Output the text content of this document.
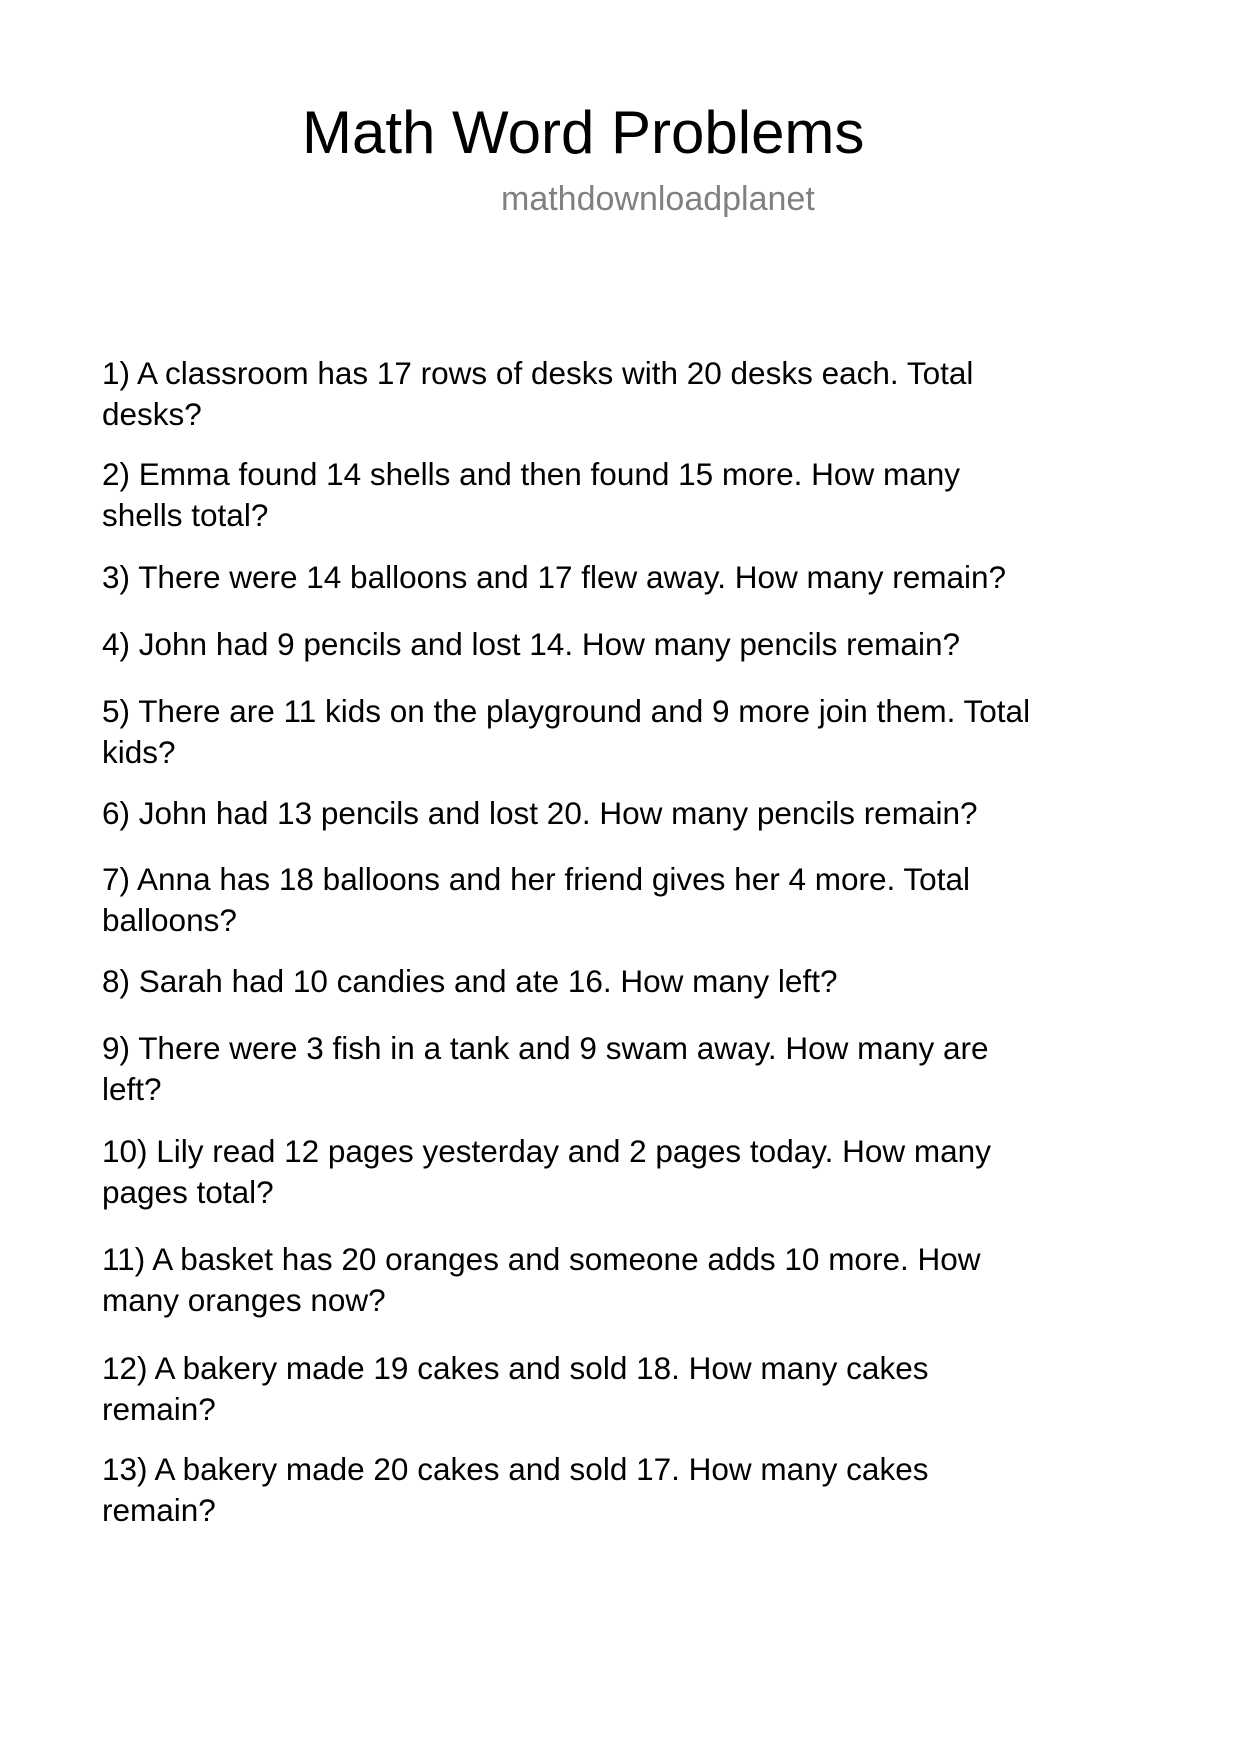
Math Word Problems
mathdownloadplanet
1) A classroom has 17 rows of desks with 20 desks each. Total
desks?
2) Emma found 14 shells and then found 15 more. How many
shells total?
3) There were 14 balloons and 17 flew away. How many remain?
4) John had 9 pencils and lost 14. How many pencils remain?
5) There are 11 kids on the playground and 9 more join them. Total
kids?
6) John had 13 pencils and lost 20. How many pencils remain?
7) Anna has 18 balloons and her friend gives her 4 more. Total
balloons?
8) Sarah had 10 candies and ate 16. How many left?
9) There were 3 fish in a tank and 9 swam away. How many are
left?
10) Lily read 12 pages yesterday and 2 pages today. How many
pages total?
11) A basket has 20 oranges and someone adds 10 more. How
many oranges now?
12) A bakery made 19 cakes and sold 18. How many cakes
remain?
13) A bakery made 20 cakes and sold 17. How many cakes
remain?
